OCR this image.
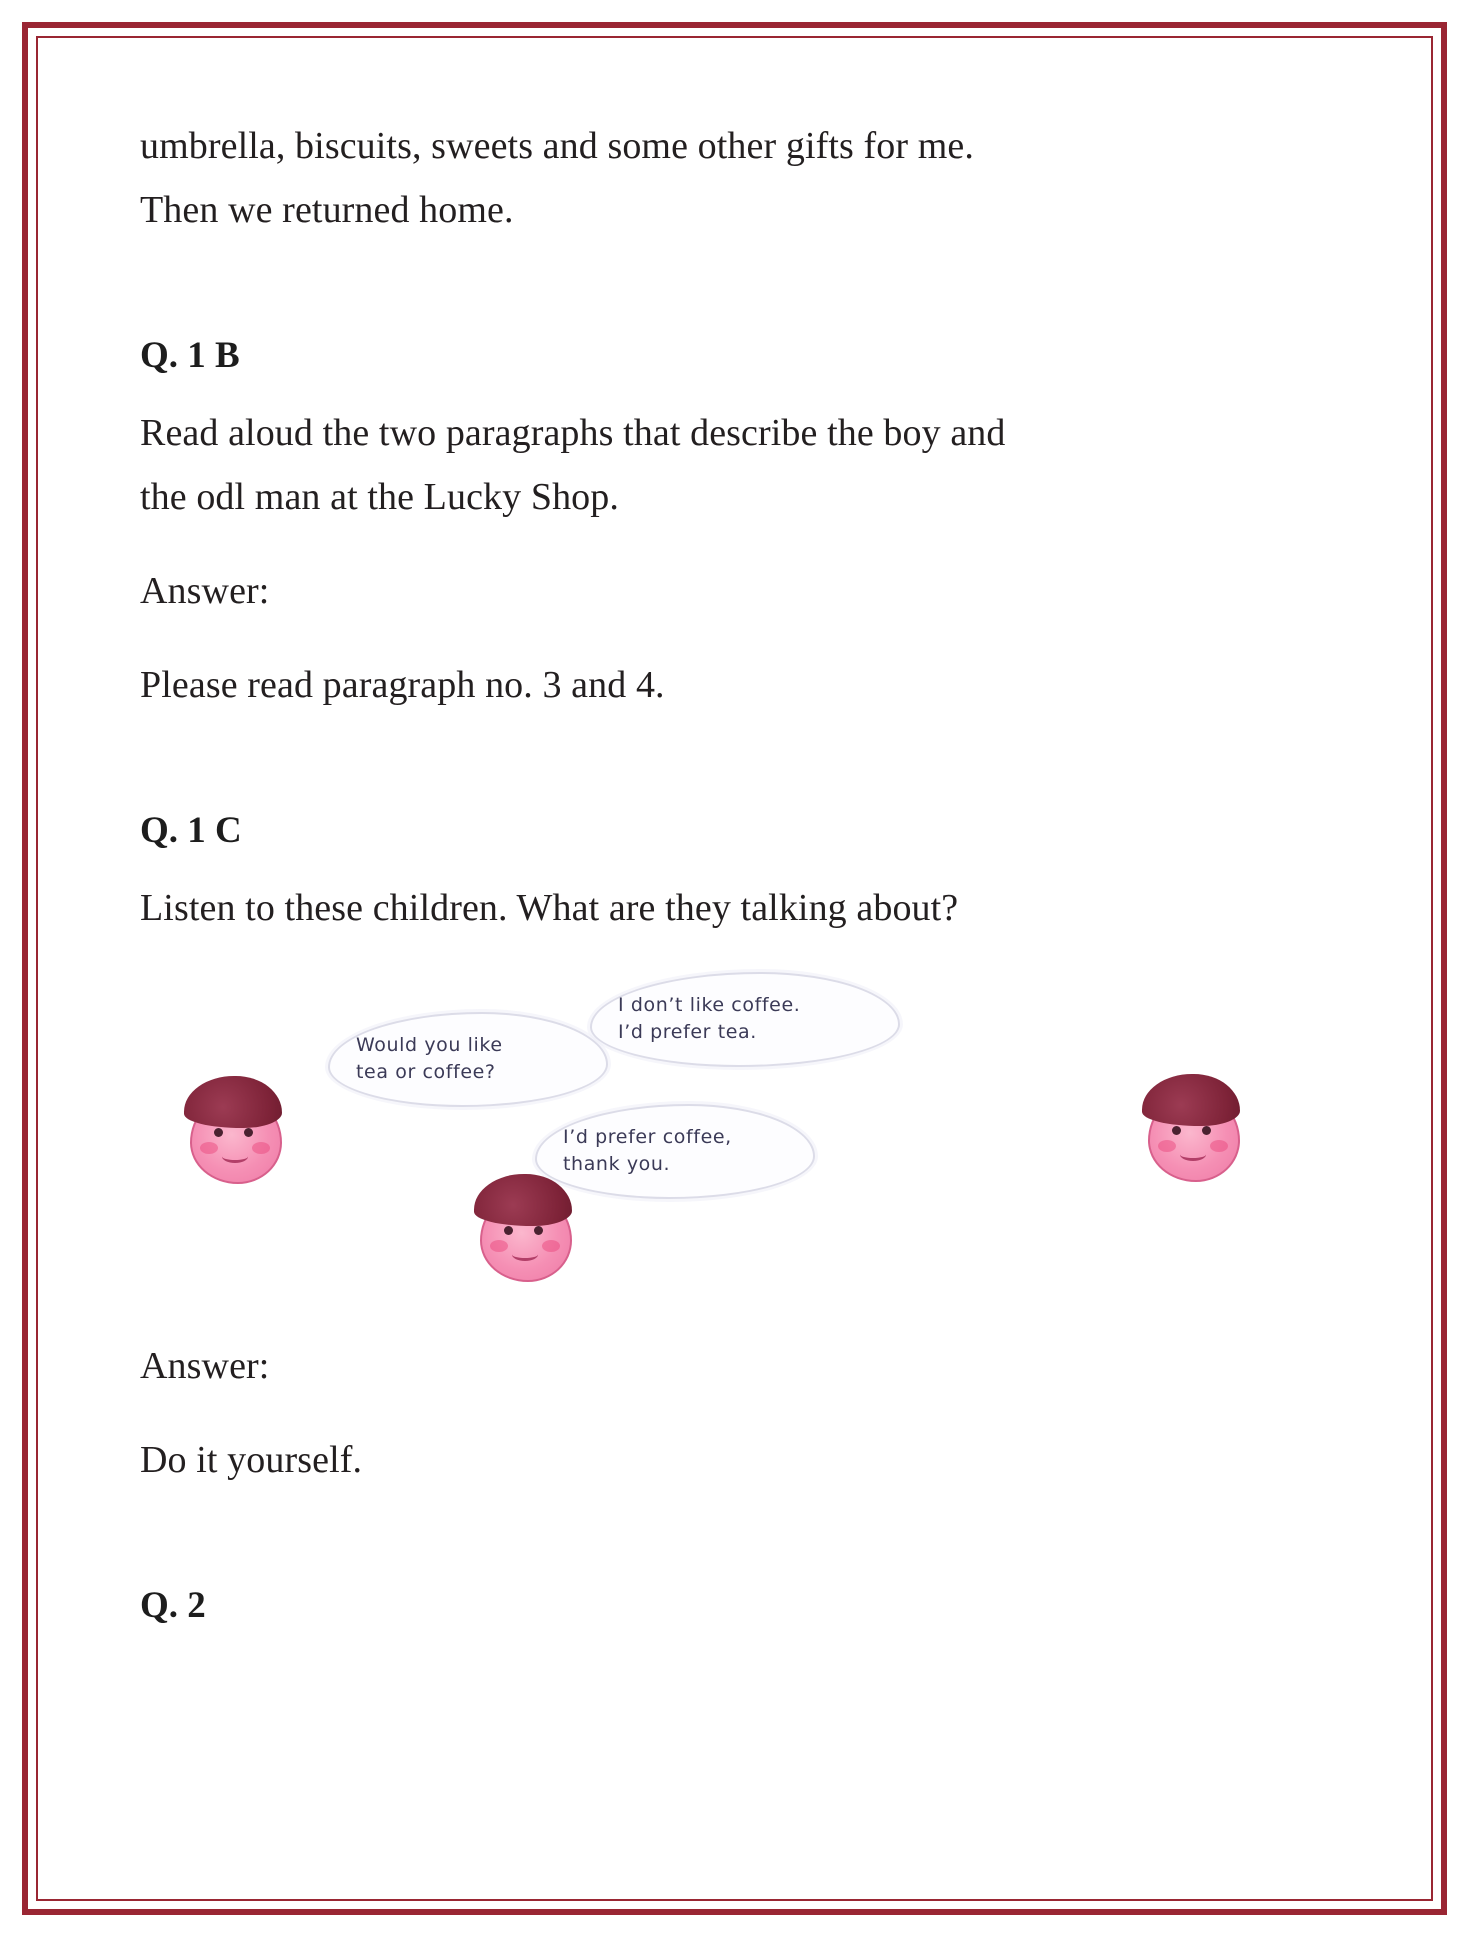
umbrella, biscuits, sweets and some other gifts for me.

Then we returned home.

Q. 1 B

Read aloud the two paragraphs that describe the boy and

the odl man at the Lucky Shop.

Answer:

Please read paragraph no. 3 and 4.

Q. 1 C

Listen to these children. What are they talking about?

Would you like
tea or coffee?
I don’t like coffee.
I’d prefer tea.
I’d prefer coffee,
thank you.

Answer:

Do it yourself.

Q. 2
